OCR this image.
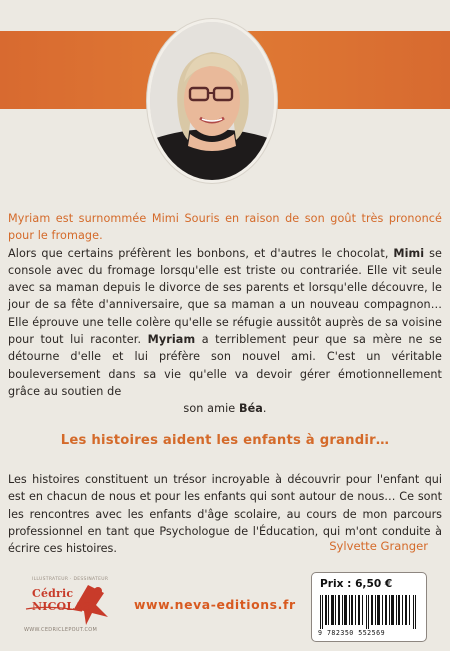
Myriam est surnommée Mimi Souris en raison de son goût très prononcé pour le fromage.
Alors que certains préfèrent les bonbons, et d'autres le chocolat, Mimi se console avec du fromage lorsqu'elle est triste ou contrariée. Elle vit seule avec sa maman depuis le divorce de ses parents et lorsqu'elle découvre, le jour de sa fête d'anniversaire, que sa maman a un nouveau compagnon… Elle éprouve une telle colère qu'elle se réfugie aussitôt auprès de sa voisine pour tout lui raconter. Myriam a terriblement peur que sa mère ne se détourne d'elle et lui préfère son nouvel ami. C'est un véritable bouleversement dans sa vie qu'elle va devoir gérer émotionnellement grâce au soutien de
son amie Béa.
Les histoires aident les enfants à grandir…
Les histoires constituent un trésor incroyable à découvrir pour l'enfant qui est en chacun de nous et pour les enfants qui sont autour de nous… Ce sont les rencontres avec les enfants d'âge scolaire, au cours de mon parcours professionnel en tant que Psychologue de l'Éducation, qui m'ont conduite à écrire ces histoires.	Sylvette Granger
ILLUSTRATEUR · DESSINATEUR
Cédric NICOLAS
WWW.CEDRICLEPOUT.COM
www.neva-editions.fr
Prix : 6,50 €
9 782350 552569
